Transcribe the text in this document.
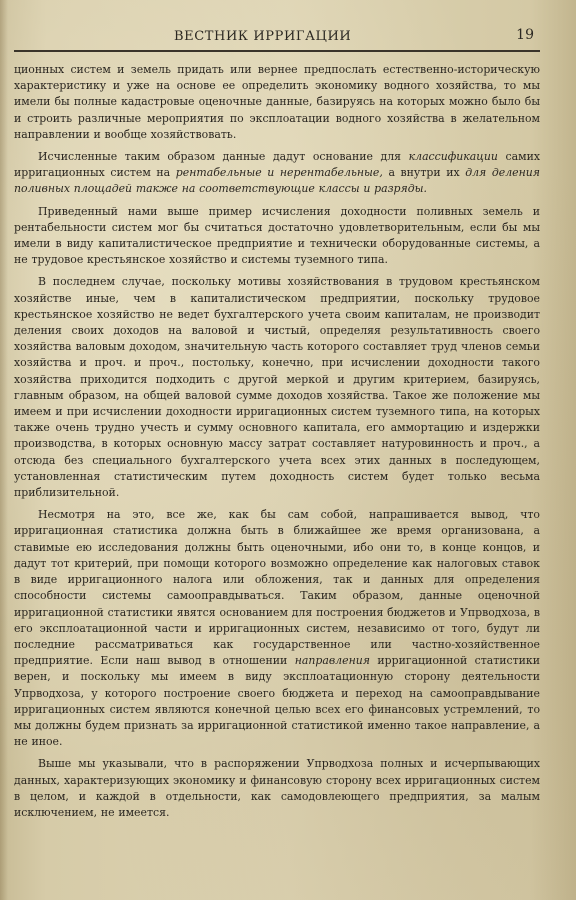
ВЕСТНИК ИРРИГАЦИИ	19

ционных систем и земель придать или вернее предпослать естественно-историческую характеристику и уже на основе ее определить экономику водного хозяйства, то мы имели бы полные кадастровые оценочные данные, базируясь на которых можно было бы и строить различные мероприятия по эксплоатации водного хозяйства в желательном направлении и вообще хозяйствовать.

Исчисленные таким образом данные дадут основание для классификации самих ирригационных систем на рентабельные и нерентабельные, а внутри их для деления поливных площадей также на соответствующие классы и разряды.

Приведенный нами выше пример исчисления доходности поливных земель и рентабельности систем мог бы считаться достаточно удовлетворительным, если бы мы имели в виду капиталистическое предприятие и технически оборудованные системы, а не трудовое крестьянское хозяйство и системы туземного типа.

В последнем случае, поскольку мотивы хозяйствования в трудовом крестьянском хозяйстве иные, чем в капиталистическом предприятии, поскольку трудовое крестьянское хозяйство не ведет бухгалтерского учета своим капиталам, не производит деления своих доходов на валовой и чистый, определяя результативность своего хозяйства валовым доходом, значительную часть которого составляет труд членов семьи хозяйства и проч. и проч., постольку, конечно, при исчислении доходности такого хозяйства приходится подходить с другой меркой и другим критерием, базируясь, главным образом, на общей валовой сумме доходов хозяйства. Такое же положение мы имеем и при исчислении доходности ирригационных систем туземного типа, на которых также очень трудно учесть и сумму основного капитала, его аммортацию и издержки производства, в которых основную массу затрат составляет натуровинность и проч., а отсюда без специального бухгалтерского учета всех этих данных в последующем, установленная статистическим путем доходность систем будет только весьма приблизительной.

Несмотря на это, все же, как бы сам собой, напрашивается вывод, что ирригационная статистика должна быть в ближайшее же время организована, а ставимые ею исследования должны быть оценочными, ибо они то, в конце концов, и дадут тот критерий, при помощи которого возможно определение как налоговых ставок в виде ирригационного налога или обложения, так и данных для определения способности системы самооправдываться. Таким образом, данные оценочной ирригационной статистики явятся основанием для построения бюджетов и Упрводхоза, в его эксплоатационной части и ирригационных систем, независимо от того, будут ли последние рассматриваться как государственное или частно-хозяйственное предприятие. Если наш вывод в отношении направления ирригационной статистики верен, и поскольку мы имеем в виду эксплоатационную сторону деятельности Упрводхоза, у которого построение своего бюджета и переход на самооправдывание ирригационных систем являются конечной целью всех его финансовых устремлений, то мы должны будем признать за ирригационной статистикой именно такое направление, а не иное.

Выше мы указывали, что в распоряжении Упрводхоза полных и исчерпывающих данных, характеризующих экономику и финансовую сторону всех ирригационных систем в целом, и каждой в отдельности, как самодовлеющего предприятия, за малым исключением, не имеется.
